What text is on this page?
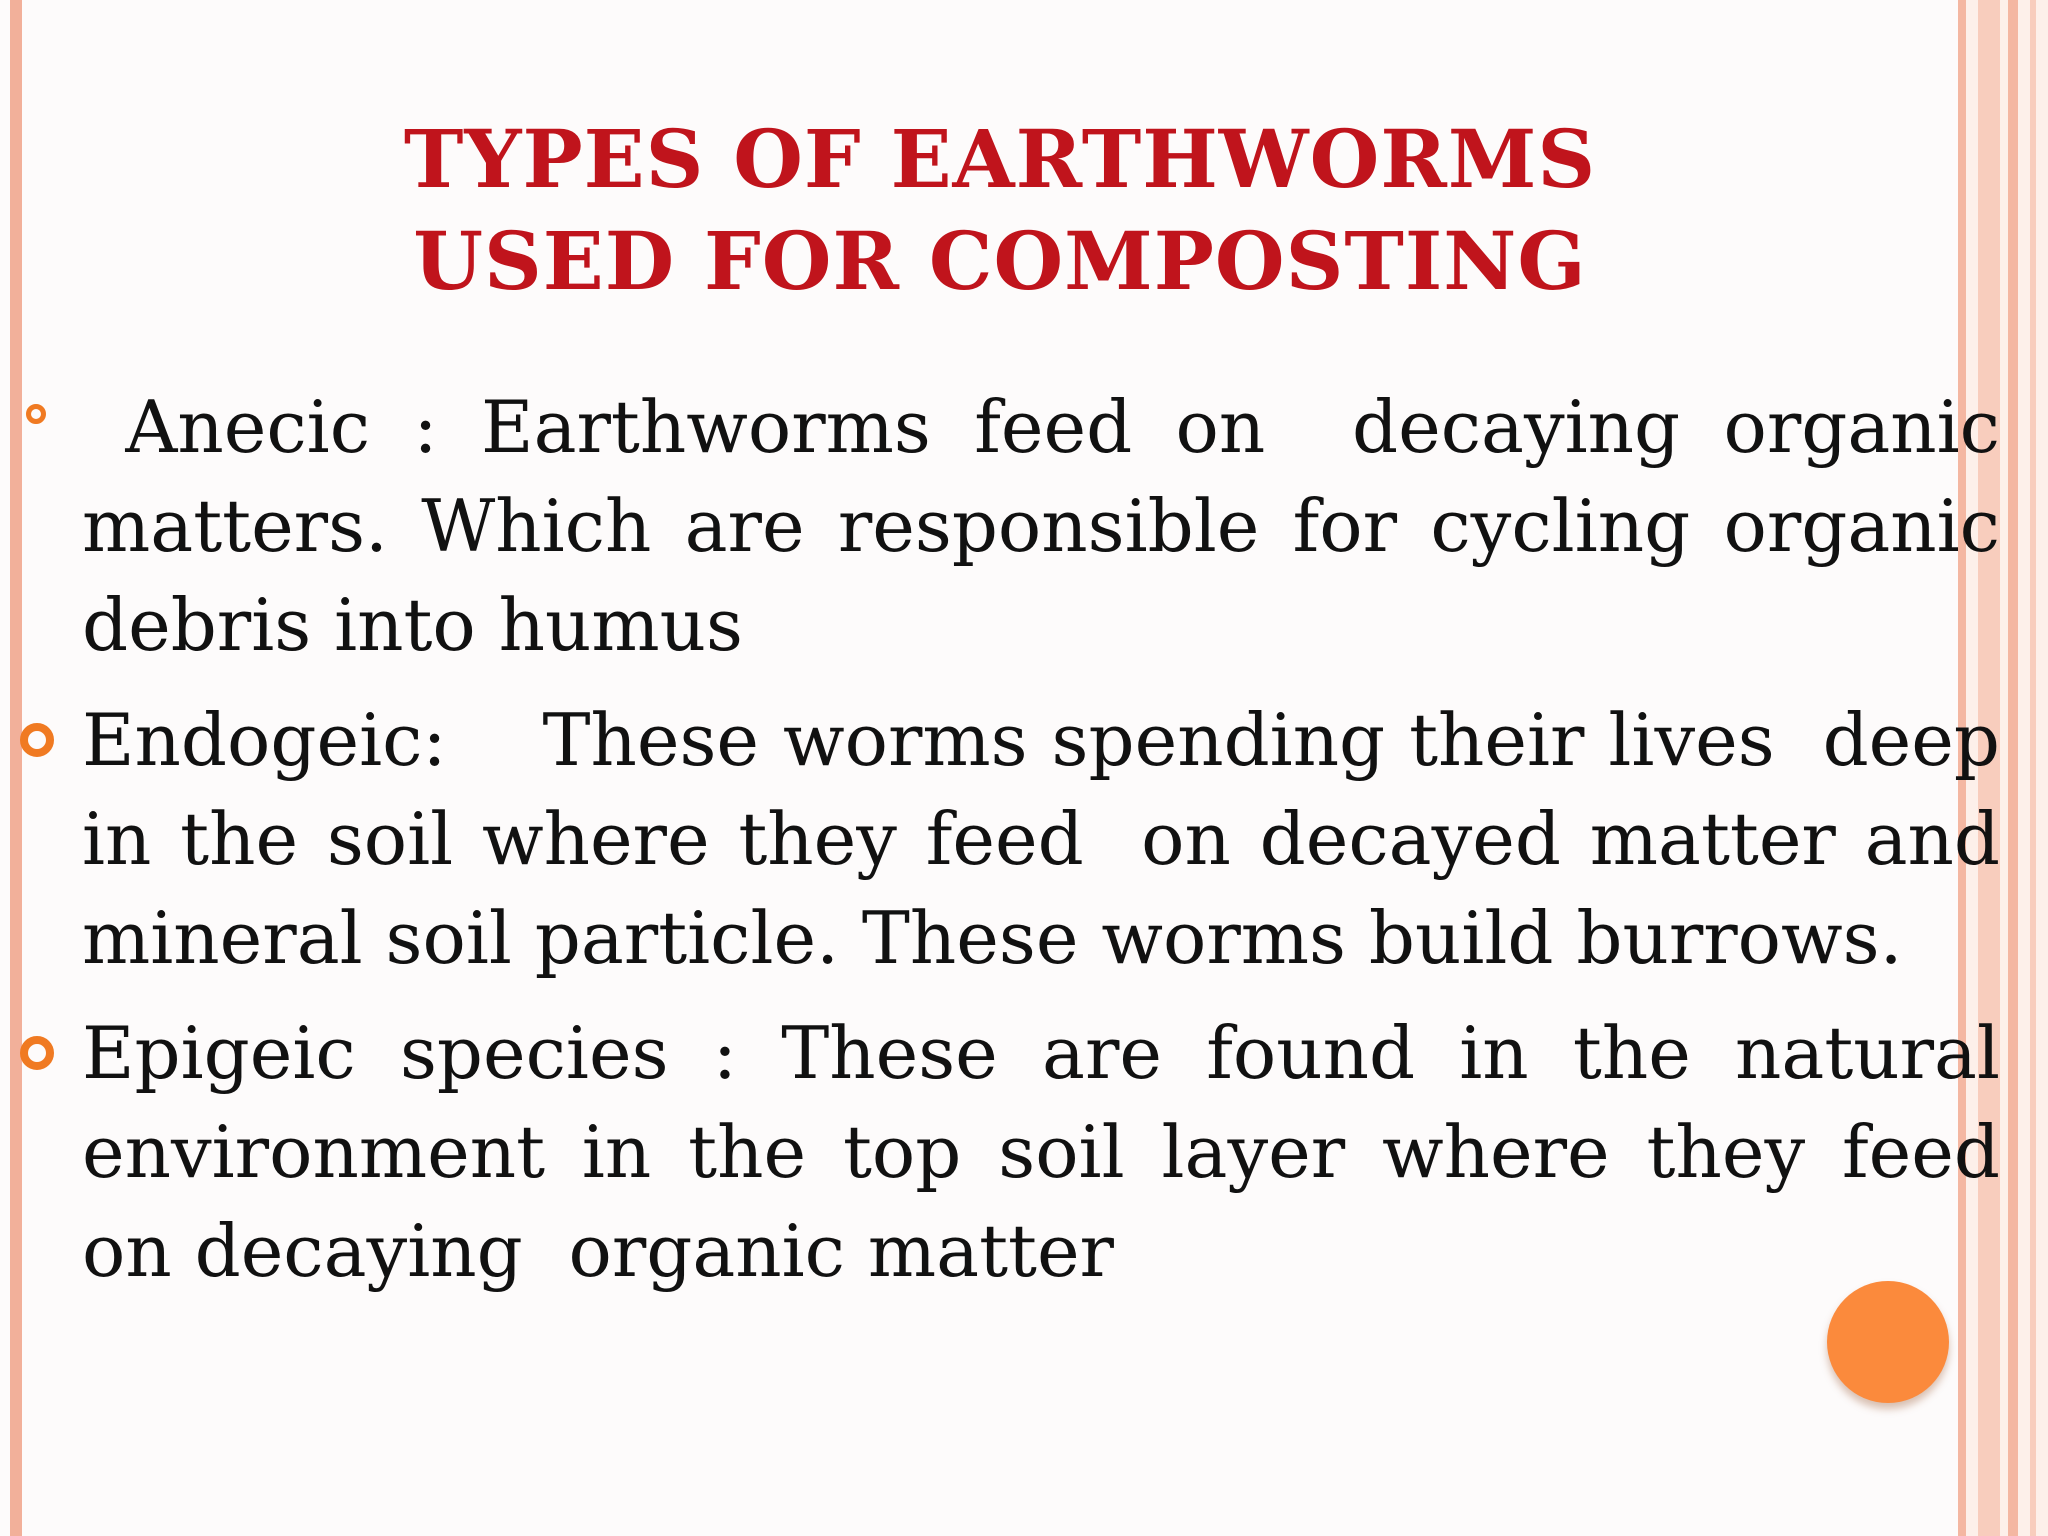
TYPES OF EARTHWORMS
USED FOR COMPOSTING
Anecic : Earthworms feed on  decaying organic matters. Which are responsible for cycling organic debris into humus
Endogeic:    These worms spending their lives  deep in the soil where they feed  on decayed matter and mineral soil particle. These worms build burrows.
Epigeic species : These are found in the natural environment in the top soil layer where they feed on decaying  organic matter
